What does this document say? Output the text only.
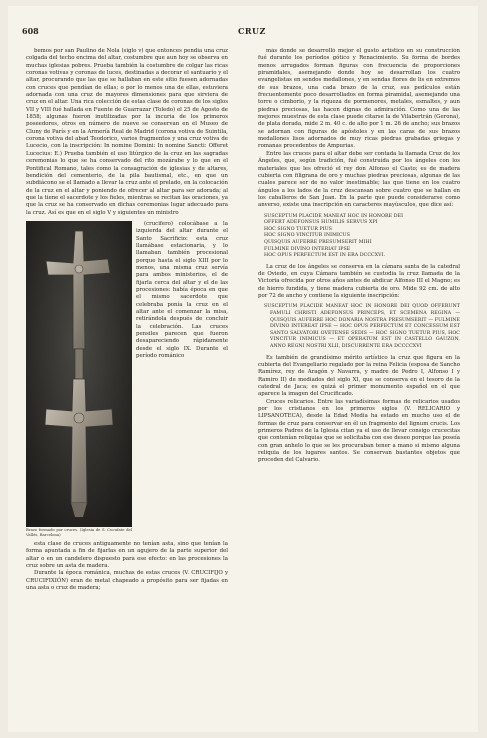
608	CRUZ

bemos por san Paulino de Nola (siglo v) que entonces pendía una cruz colgada del techo encima del altar, costumbre que aun hoy se observa en muchas iglesias pobres. Prueba también la costumbre de colgar las ricas coronas votivas y coronas de luces, destinadas a decorar el santuario y el altar, procurando que las que se hallaban en este sitio fuesen adornadas con cruces que pendían de ellas; o por lo menos una de ellas, estuviera adornada con una cruz de mayores dimensiones para que sirviera de cruz en el altar. Una rica colección de estas clase de coronas de los siglos VII y VIII fué hallada en Fuente de Guarrazar (Toledo) el 25 de Agosto de 1858; algunas fueron inutilizadas por la incuria de los primeros poseedores, otros en número de nueve se conservan en el Museo de Cluny de París y en la Armería Real de Madrid (corona votiva de Suintila, corona votiva del abad Teodorico, varios fragmentos y una cruz votiva de Lucecio, con la inscripción: In nomine Domini: In nomine Sancti: Offeret Lucecius: E.) Prueba también el uso litúrgico de la cruz en las sagradas ceremonias lo que se ha conservado del rito mozárabe y lo que en el Pontifical Romano, tales como la consagración de iglesias y de altares, bendición del cementerio, de la pila bautismal, etc., en que un subdiácono se el llamado a llevar la cruz ante el prelado, en la colocación de la cruz en el altar y poniendo de ofrecer al altar para ser adorada; al que la tiene el sacerdote y los fieles, mientras se recitan las oraciones, ya que la cruz se ha conservado en dichas ceremonias lugar adecuado para la cruz. Así es que en el siglo V y siguientes un ministro

Brazo formado por cruces. (Iglesia de S. Cucufate del Vallés, Barcelona)

(crucifero) colocábase a la izquierda del altar durante el Santo Sacrificio: esta cruz llamábase estacionaria, y lo llamaban también procesional porque hasta el siglo XIII por lo menos, una misma cruz servía para ambos ministerios, el de fijarla cerca del altar y el de las procesiones: había época en que el mismo sacerdote que celebraba ponía la cruz en el altar ante el comenzar la misa, retirándola después de concluir la celebración. Las cruces pensiles parecen que fueron desapareciendo rápidamente desde el siglo IX. Durante el período románico

esta clase de cruces antiguamente no tenían asta, sino que tenían la forma apuntada a fin de fijarlas en un agujero de la parte superior del altar o en un candelero dispuesto para ese efecto: en las procesiones la cruz sobre un asta de madera.

Durante la época románica, muchas de estas cruces (V. CRUCIFIJO y CRUCIFIXIÓN) eran de metal chapeado a propósito para ser fijadas en una asta o cruz de madera;

más donde se desarrolló mejor el gusto artístico en su construcción fué durante los períodos gótico y Renacimiento. Su forma de bordes menos arrugados forman figuras con frecuencia de proporciones piramidales, asemejando donde hoy se desarrollan los cuatro evangelistas en sendos medallones, y en sendas flores de lis en extremos de sus brazos, una cada brazo de la cruz, sus pedículos están frecuentemente poco desarrollados en forma piramidal, asemejando una torre o cimborio, y la riqueza de pormenores, metales, esmaltes, y aun piedras preciosas, las hacen dignas de admiración. Como una de las mejores muestras de esta clase puede citarse la de Vilabertrán (Gerona), de plata dorada, mide 2 m. 40 c. de alto por 1 m. 26 de ancho; sus brazos se adornan con figuras de apóstoles y en las caras de sus brazos medallones lisos adornados de muy ricas piedras grabadas griegas y romanas procedentes de Ampurias.

Entre las cruces para el altar debe ser contada la llamada Cruz de los Ángeles, que, según tradición, fué construída por los ángeles con los materiales que les ofreció el rey don Alfonso el Casto; es de madera cubierta con filigrana de oro y muchas piedras preciosas, algunas de las cuales parece ser de no valor inestimable; las que tiene en los cuatro ángulos a los lados de la cruz descansan sobre cuatro que se hallan en los caballeros de San Juan. En la parte que puede considerarse como anverso, existe una inscripción en caracteres mayúsculos, que dice así:

SUSCEPTUM PLACIDE MANEAT HOC IN HONORE DEI

OFFERT ADEFONSUS HUMILIS SERVUS XPI

HOC SIGNO TUETUR PIUS

HOC SIGNO VINCITUR INIMICUS

QUISQUIS AUFERRE PRESUMSERIT MIHI

FULMINE DIVINO INTERIAT IPSE

HOC OPUS PERFECTUM EST IN ERA DCCCXVI.

La cruz de los ángeles se conserva en la cámara santa de la catedral de Oviedo, en cuya Cámara también se custodia la cruz llamada de la Victoria ofrecida por otros años antes de abdicar Alfonso III el Magno; es de hierro fundida, y tiene madera cubierta de oro. Mide 92 cm. de alto por 72 de ancho y contiene la siguiente inscripción:

SUSCEPTUM PLACIDE MANEAT HOC IN HONORE DEI QUOD OFFERUNT FAMULI CHRISTI ADEFONSUS PRINCEPS, ET SCEMENA REGINA — QUISQUIS AUFERRE HOC DONARIA NOSTRA PRESUMSERIT — FULMINE DIVINO INTEREAT IPSE — HOC OPUS PERFECTUM ET CONCESSUM EST SANTO SALVATORI OVETENSE SEDIS — HOC SIGNO TUETUR PIUS, HOC VINCITUR INIMICUS — ET OPERATUM EST IN CASTELLO GAUZON, ANNO REGNI NOSTRI XLII, DISCURRENTE ERA DCCCCXVI

Es también de grandísimo mérito artístico la cruz que figura en la cubierta del Evangeliario regalado por la reina Felicia (esposa de Sancho Ramírez, rey de Aragón y Navarra, y madre de Pedro I, Alfonso I y Ramiro II) de mediados del siglo XI, que se conserva en el tesoro de la catedral de Jaca; es quizá el primer monumento español en el que aparece la imagen del Crucificado.

Cruces relicarios. Entre las variadísimas formas de relicarios usados por los cristianos en los primeros siglos (V. RELICARIO y LIPSANOTECA), desde la Edad Media ha estado en mucho uso el de formas de cruz para conservar en él un fragmento del lignum crucis. Los primeros Padres de la Iglesia citan ya el uso de llevar consigo crucecitas que contenían reliquias que se solicitaba con ese deseo porque las poseía con gran anhelo lo que se les procuraban tener a mano si mismo alguna reliquia de los lugares santos. Se conservan bastantes objetos que proceden del Calvario.
